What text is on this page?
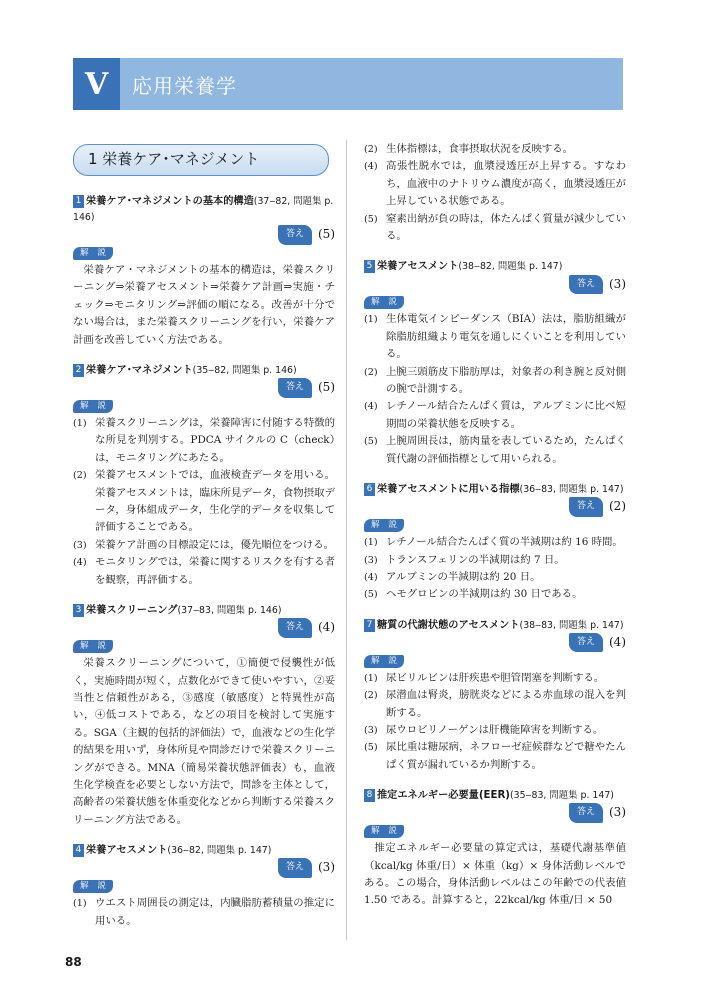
V	応用栄養学
1 栄養ケア･マネジメント
1 栄養ケア･マネジメントの基本的構造(37‒82, 問題集 p. 146)
答え	(5)
解　説
栄養ケア・マネジメントの基本的構造は，栄養スクリーニング⇒栄養アセスメント⇒栄養ケア計画⇒実施・チェック⇒モニタリング⇒評価の順になる。改善が十分でない場合は，また栄養スクリーニングを行い，栄養ケア計画を改善していく方法である。
2 栄養ケア･マネジメント(35‒82, 問題集 p. 146)
答え	(5)
解　説
(1) 栄養スクリーニングは，栄養障害に付随する特徴的な所見を判別する。PDCA サイクルの C（check）は，モニタリングにあたる。
(2) 栄養アセスメントでは，血液検査データを用いる。栄養アセスメントは，臨床所見データ，食物摂取データ，身体組成データ，生化学的データを収集して評価することである。
(3) 栄養ケア計画の目標設定には，優先順位をつける。
(4) モニタリングでは，栄養に関するリスクを有する者を観察，再評価する。
3 栄養スクリーニング(37‒83, 問題集 p. 146)
答え	(4)
解　説
栄養スクリーニングについて，①簡便で侵襲性が低く，実施時間が短く，点数化ができて使いやすい，②妥当性と信頼性がある，③感度（敏感度）と特異性が高い，④低コストである，などの項目を検討して実施する。SGA（主観的包括的評価法）で，血液などの生化学的結果を用いず，身体所見や問診だけで栄養スクリーニングができる。MNA（簡易栄養状態評価表）も，血液生化学検査を必要としない方法で，問診を主体として，高齢者の栄養状態を体重変化などから判断する栄養スクリーニング方法である。
4 栄養アセスメント(36‒82, 問題集 p. 147)
答え	(3)
解　説
(1) ウエスト周囲長の測定は，内臓脂肪蓄積量の推定に用いる。
(2) 生体指標は，食事摂取状況を反映する。
(4) 高張性脱水では，血漿浸透圧が上昇する。すなわち，血液中のナトリウム濃度が高く，血漿浸透圧が上昇している状態である。
(5) 窒素出納が負の時は，体たんぱく質量が減少している。
5 栄養アセスメント(38‒82, 問題集 p. 147)
答え	(3)
解　説
(1) 生体電気インピーダンス（BIA）法は，脂肪組織が除脂肪組織より電気を通しにくいことを利用している。
(2) 上腕三頭筋皮下脂肪厚は，対象者の利き腕と反対側の腕で計測する。
(4) レチノール結合たんぱく質は，アルブミンに比べ短期間の栄養状態を反映する。
(5) 上腕周囲長は，筋肉量を表しているため，たんぱく質代謝の評価指標として用いられる。
6 栄養アセスメントに用いる指標(36‒83, 問題集 p. 147)
答え	(2)
解　説
(1) レチノール結合たんぱく質の半減期は約 16 時間。
(3) トランスフェリンの半減期は約 7 日。
(4) アルブミンの半減期は約 20 日。
(5) ヘモグロビンの半減期は約 30 日である。
7 糖質の代謝状態のアセスメント(38‒83, 問題集 p. 147)
答え	(4)
解　説
(1) 尿ビリルビンは肝疾患や胆管閉塞を判断する。
(2) 尿潜血は腎炎，膀胱炎などによる赤血球の混入を判断する。
(3) 尿ウロビリノーゲンは肝機能障害を判断する。
(5) 尿比重は糖尿病，ネフローゼ症候群などで糖やたんぱく質が漏れているか判断する。
8 推定エネルギー必要量(EER)(35‒83, 問題集 p. 147)
答え	(3)
解　説
推定エネルギー必要量の算定式は，基礎代謝基準値（kcal/kg 体重/日）× 体重（kg）× 身体活動レベルである。この場合，身体活動レベルはこの年齢での代表値 1.50 である。計算すると，22kcal/kg 体重/日 × 50
88
